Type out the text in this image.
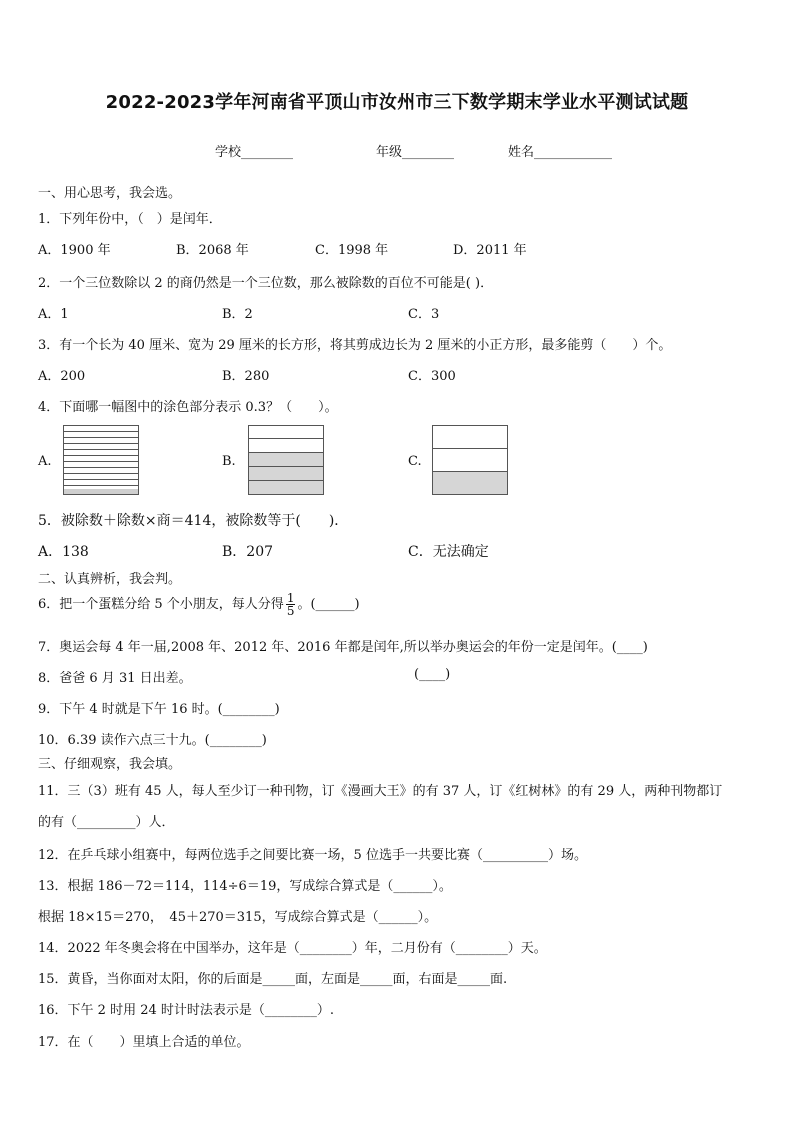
2022-2023学年河南省平顶山市汝州市三下数学期末学业水平测试试题
学校________	年级________	姓名____________
一、用心思考，我会选。
1．下列年份中，（　）是闰年．
A．1900 年	B．2068 年	C．1998 年	D．2011 年
2．一个三位数除以 2 的商仍然是一个三位数，那么被除数的百位不可能是( )．
A．1	B．2	C．3
3．有一个长为 40 厘米、宽为 29 厘米的长方形，将其剪成边长为 2 厘米的小正方形，最多能剪（　　）个。
A．200	B．280	C．300
4．下面哪一幅图中的涂色部分表示 0.3？（　　）。
A.	B.	C.
5．被除数＋除数×商＝414，被除数等于(　　)．
A．138	B．207	C．无法确定
二、认真辨析，我会判。
6．把一个蛋糕分给 5 个小朋友，每人分得 $\frac{1}{5}$ 。(______)
7．奥运会每 4 年一届,2008 年、2012 年、2016 年都是闰年,所以举办奥运会的年份一定是闰年。(____)
8．爸爸 6 月 31 日出差。	(____)
9．下午 4 时就是下午 16 时。(________)
10．6.39 读作六点三十九。(________)
三、仔细观察，我会填。
11．三（3）班有 45 人，每人至少订一种刊物，订《漫画大王》的有 37 人，订《红树林》的有 29 人，两种刊物都订
的有（_________）人．
12．在乒乓球小组赛中，每两位选手之间要比赛一场，5 位选手一共要比赛（__________）场。
13．根据 186－72＝114，114÷6＝19，写成综合算式是（______）。
根据 18×15＝270，　45＋270＝315，写成综合算式是（______）。
14．2022 年冬奥会将在中国举办，这年是（________）年，二月份有（________）天。
15．黄昏，当你面对太阳，你的后面是_____面，左面是_____面，右面是_____面.
16．下午 2 时用 24 时计时法表示是（________）.
17．在（　　）里填上合适的单位。
